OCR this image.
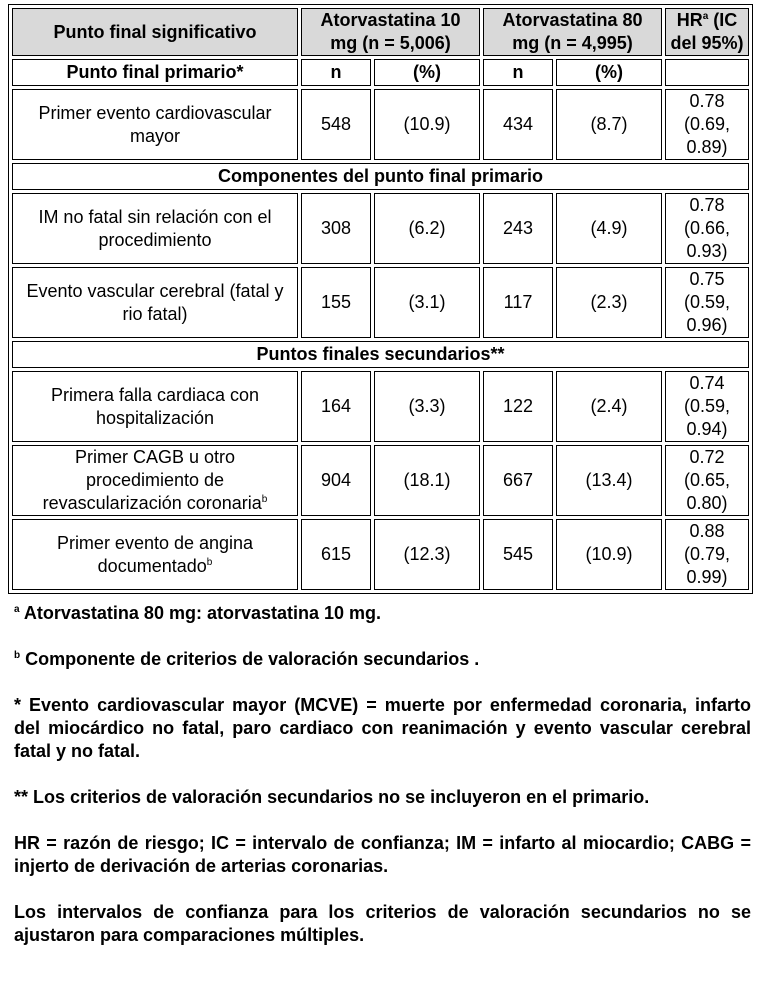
Punto final significativo	Atorvastatina 10 mg (n = 5,006)		Atorvastatina 80 mg (n = 4,995)		$HR^a$ (IC del 95%)
Punto final primario*	n	(%)	n	(%)	
Primer evento cardiovascular mayor	548	(10.9)	434	(8.7)	0.78 (0.69, 0.89)
Componentes del punto final primario					
IM no fatal sin relación con el procedimiento	308	(6.2)	243	(4.9)	0.78 (0.66, 0.93)
Evento vascular cerebral (fatal y rio fatal)	155	(3.1)	117	(2.3)	0.75 (0.59, 0.96)
Puntos finales secundarios**					
Primera falla cardiaca con hospitalización	164	(3.3)	122	(2.4)	0.74 (0.59, 0.94)
Primer CAGB u otro procedimiento de revascularización coronaria$^b$	904	(18.1)	667	(13.4)	0.72 (0.65, 0.80)
Primer evento de angina documentado$^b$	615	(12.3)	545	(10.9)	0.88 (0.79, 0.99)

$^a$ Atorvastatina 80 mg: atorvastatina 10 mg.

$^b$ Componente de criterios de valoración secundarios .

* Evento cardiovascular mayor (MCVE) = muerte por enfermedad coronaria, infarto del miocárdico no fatal, paro cardiaco con reanimación y evento vascular cerebral fatal y no fatal.

** Los criterios de valoración secundarios no se incluyeron en el primario.

HR = razón de riesgo; IC = intervalo de confianza; IM = infarto al miocardio; CABG = injerto de derivación de arterias coronarias.

Los intervalos de confianza para los criterios de valoración secundarios no se ajustaron para comparaciones múltiples.
